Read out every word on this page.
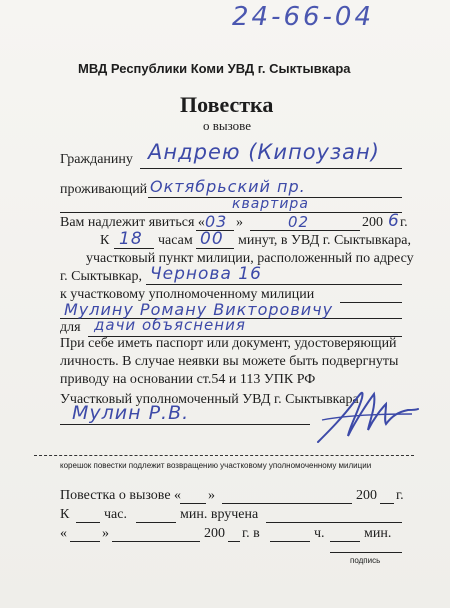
24-66-04
МВД Республики Коми УВД г. Сыктывкара
Повестка
о вызове
Гражданину Андрею (Кипоузан)
проживающий Октябрьский пр.
квартира
Вам надлежит явиться « 03 »	02	200 6 г.
К 18 часам 00 минут, в УВД г. Сыктывкара,
участковый пункт милиции, расположенный по адресу
г. Сыктывкар, Чернова 16
к участковому уполномоченному милиции
Мулину Роману Викторовичу
для дачи объяснения
При себе иметь паспорт или документ, удостоверяющий
личность. В случае неявки вы можете быть подвергнуты
приводу на основании ст.54 и 113 УПК РФ
Участковый уполномоченный УВД г. Сыктывкара
Мулин Р.В.
корешок повестки подлежит возвращению участковому уполномоченному милиции
Повестка о вызове « »	200 г.
К час.	мин. вручена
«	»	200 г. в	ч.	мин.
подпись
